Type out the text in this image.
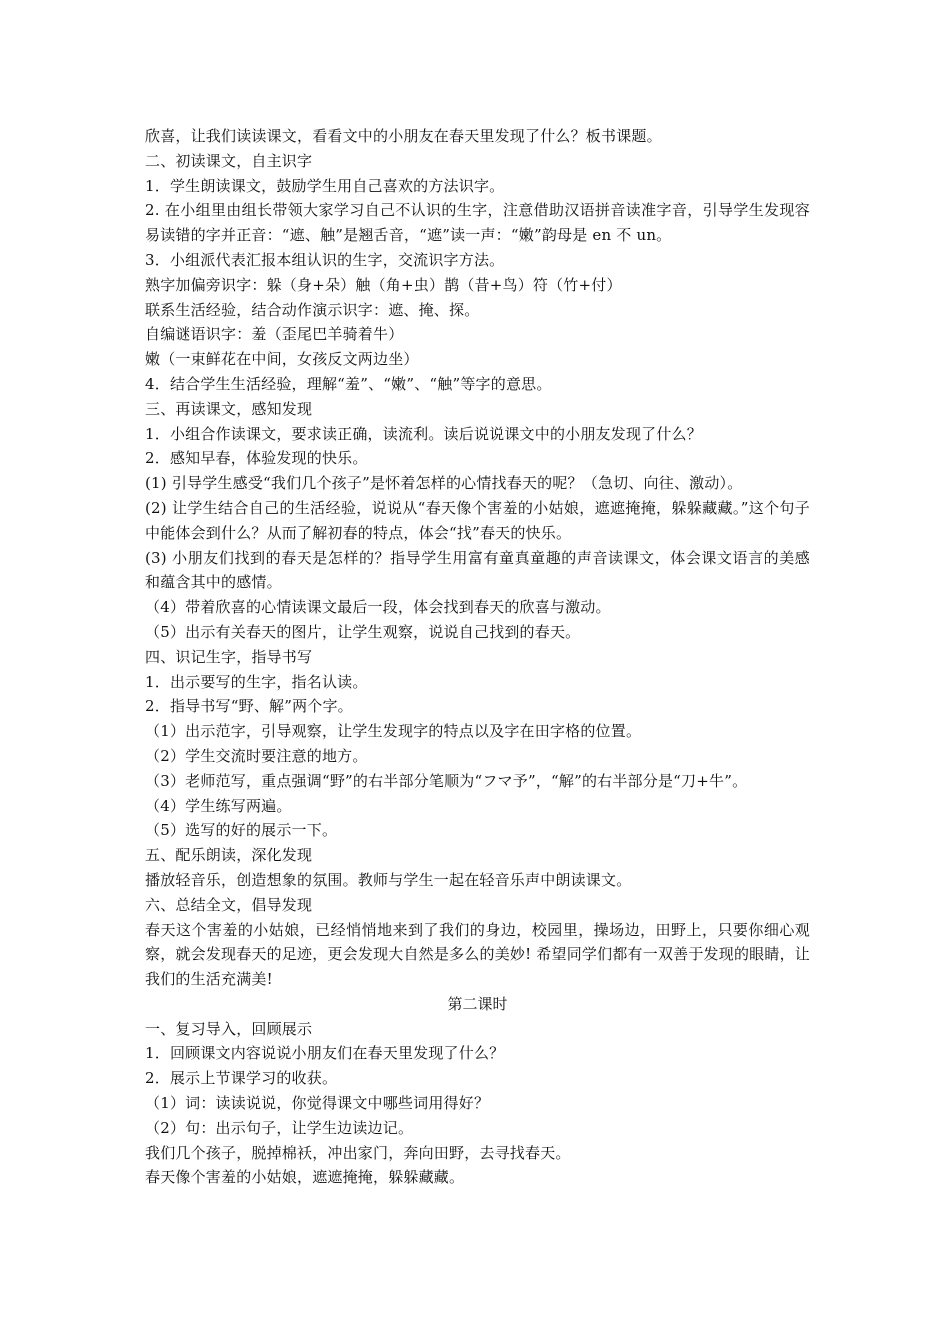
欣喜，让我们读读课文，看看文中的小朋友在春天里发现了什么？板书课题。
二、初读课文，自主识字
1．学生朗读课文，鼓励学生用自己喜欢的方法识字。
2. 在小组里由组长带领大家学习自己不认识的生字，注意借助汉语拼音读准字音，引导学生发现容易读错的字并正音：“遮、触”是翘舌音，“遮”读一声：“嫩”韵母是 en 不 un。
3．小组派代表汇报本组认识的生字，交流识字方法。
熟字加偏旁识字：躲（身+朵）触（角+虫）鹊（昔+鸟）符（竹+付）
联系生活经验，结合动作演示识字：遮、掩、探。
自编谜语识字：羞（歪尾巴羊骑着牛）
嫩（一束鲜花在中间，女孩反文两边坐）
4．结合学生生活经验，理解“羞”、“嫩”、“触”等字的意思。
三、再读课文，感知发现
1．小组合作读课文，要求读正确，读流利。读后说说课文中的小朋友发现了什么？
2．感知早春，体验发现的快乐。
(1) 引导学生感受“我们几个孩子”是怀着怎样的心情找春天的呢？（急切、向往、激动）。
(2) 让学生结合自己的生活经验，说说从“春天像个害羞的小姑娘，遮遮掩掩，躲躲藏藏。”这个句子中能体会到什么？从而了解初春的特点，体会“找”春天的快乐。
(3) 小朋友们找到的春天是怎样的？指导学生用富有童真童趣的声音读课文，体会课文语言的美感和蕴含其中的感情。
（4）带着欣喜的心情读课文最后一段，体会找到春天的欣喜与激动。
（5）出示有关春天的图片，让学生观察，说说自己找到的春天。
四、识记生字，指导书写
1．出示要写的生字，指名认读。
2．指导书写“野、解”两个字。
（1）出示范字，引导观察，让学生发现字的特点以及字在田字格的位置。
（2）学生交流时要注意的地方。
（3）老师范写，重点强调“野”的右半部分笔顺为“フマ予”，“解”的右半部分是“刀+牛”。
（4）学生练写两遍。
（5）选写的好的展示一下。
五、配乐朗读，深化发现
播放轻音乐，创造想象的氛围。教师与学生一起在轻音乐声中朗读课文。
六、总结全文，倡导发现
春天这个害羞的小姑娘，已经悄悄地来到了我们的身边，校园里，操场边，田野上，只要你细心观察，就会发现春天的足迹，更会发现大自然是多么的美妙! 希望同学们都有一双善于发现的眼睛，让我们的生活充满美!
第二课时
一、复习导入，回顾展示
1．回顾课文内容说说小朋友们在春天里发现了什么？
2．展示上节课学习的收获。
（1）词：读读说说，你觉得课文中哪些词用得好？
（2）句：出示句子，让学生边读边记。
我们几个孩子，脱掉棉袄，冲出家门，奔向田野，去寻找春天。
春天像个害羞的小姑娘，遮遮掩掩，躲躲藏藏。
